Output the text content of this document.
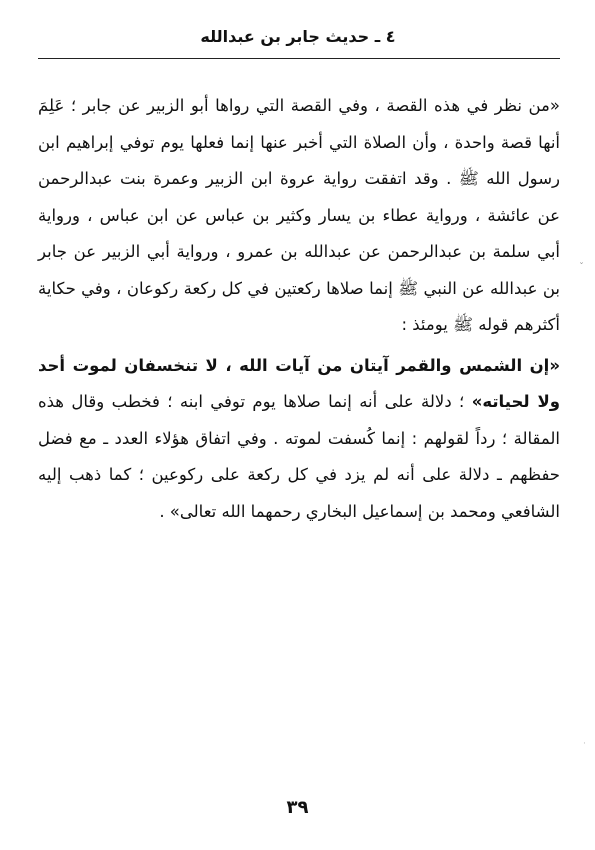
٤ ـ حديث جابر بن عبدالله

«من نظر في هذه القصة ، وفي القصة التي رواها أبو الزبير عن جابر ؛ عَلِمَ أنها قصة واحدة ، وأن الصلاة التي أخبر عنها إنما فعلها يوم توفي إبراهيم ابن رسول الله ﷺ . وقد اتفقت رواية عروة ابن الزبير وعمرة بنت عبدالرحمن عن عائشة ، ورواية عطاء بن يسار وكثير بن عباس عن ابن عباس ، ورواية أبي سلمة بن عبدالرحمن عن عبدالله بن عمرو ، ورواية أبي الزبير عن جابر بن عبدالله عن النبي ﷺ إنما صلاها ركعتين في كل ركعة ركوعان ، وفي حكاية أكثرهم قوله ﷺ يومئذ :

«إن الشمس والقمر آيتان من آيات الله ، لا تنخسفان لموت أحد ولا لحياته» ؛ دلالة على أنه إنما صلاها يوم توفي ابنه ؛ فخطب وقال هذه المقالة ؛ رداً لقولهم : إنما كُسفت لموته . وفي اتفاق هؤلاء العدد ـ مع فضل حفظهم ـ دلالة على أنه لم يزد في كل ركعة على ركوعين ؛ كما ذهب إليه الشافعي ومحمد بن إسماعيل البخاري رحمهما الله تعالى» .

ˇ
·
٣٩
